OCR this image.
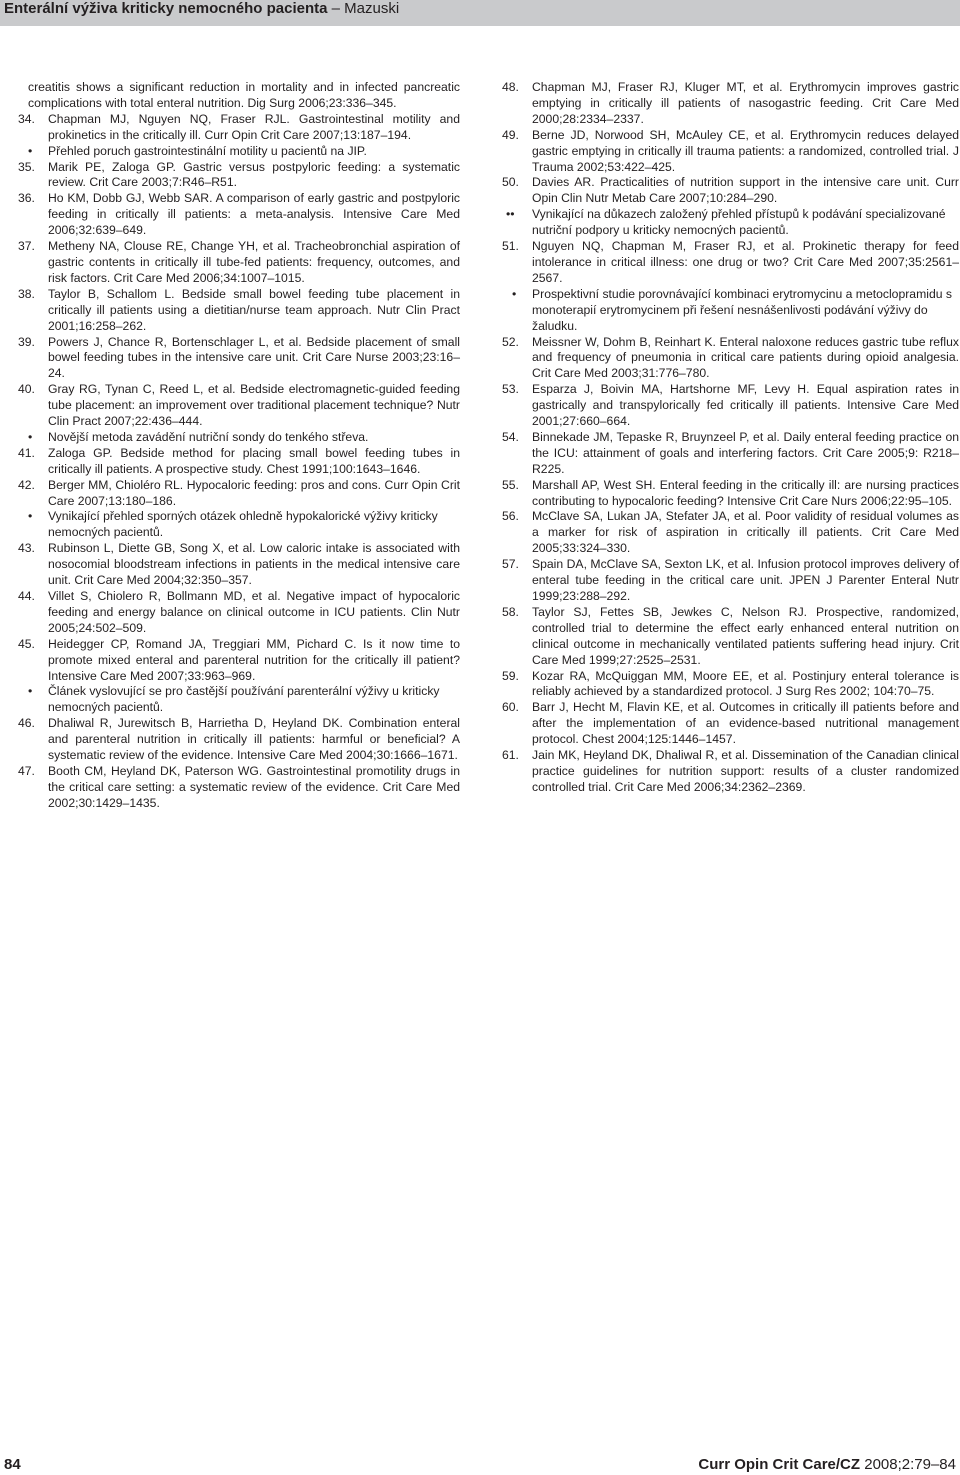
Enterální výživa kriticky nemocného pacienta – Mazuski
creatitis shows a significant reduction in mortality and in infected pancreatic complications with total enteral nutrition. Dig Surg 2006;23:336–345.
34.	Chapman MJ, Nguyen NQ, Fraser RJL. Gastrointestinal motility and prokinetics in the critically ill. Curr Opin Crit Care 2007;13:187–194.
•	Přehled poruch gastrointestinální motility u pacientů na JIP.
35.	Marik PE, Zaloga GP. Gastric versus postpyloric feeding: a systematic review. Crit Care 2003;7:R46–R51.
36.	Ho KM, Dobb GJ, Webb SAR. A comparison of early gastric and postpyloric feeding in critically ill patients: a meta-analysis. Intensive Care Med 2006;32:639–649.
37.	Metheny NA, Clouse RE, Change YH, et al. Tracheobronchial aspiration of gastric contents in critically ill tube-fed patients: frequency, outcomes, and risk factors. Crit Care Med 2006;34:1007–1015.
38.	Taylor B, Schallom L. Bedside small bowel feeding tube placement in critically ill patients using a dietitian/nurse team approach. Nutr Clin Pract 2001;16:258–262.
39.	Powers J, Chance R, Bortenschlager L, et al. Bedside placement of small bowel feeding tubes in the intensive care unit. Crit Care Nurse 2003;23:16–24.
40.	Gray RG, Tynan C, Reed L, et al. Bedside electromagnetic-guided feeding tube placement: an improvement over traditional placement technique? Nutr Clin Pract 2007;22:436–444.
•	Novější metoda zavádění nutriční sondy do tenkého střeva.
41.	Zaloga GP. Bedside method for placing small bowel feeding tubes in critically ill patients. A prospective study. Chest 1991;100:1643–1646.
42.	Berger MM, Chioléro RL. Hypocaloric feeding: pros and cons. Curr Opin Crit Care 2007;13:180–186.
•	Vynikající přehled sporných otázek ohledně hypokalorické výživy kriticky nemocných pacientů.
43.	Rubinson L, Diette GB, Song X, et al. Low caloric intake is associated with nosocomial bloodstream infections in patients in the medical intensive care unit. Crit Care Med 2004;32:350–357.
44.	Villet S, Chiolero R, Bollmann MD, et al. Negative impact of hypocaloric feeding and energy balance on clinical outcome in ICU patients. Clin Nutr 2005;24:502–509.
45.	Heidegger CP, Romand JA, Treggiari MM, Pichard C. Is it now time to promote mixed enteral and parenteral nutrition for the critically ill patient? Intensive Care Med 2007;33:963–969.
•	Článek vyslovující se pro častější používání parenterální výživy u kriticky nemocných pacientů.
46.	Dhaliwal R, Jurewitsch B, Harrietha D, Heyland DK. Combination enteral and parenteral nutrition in critically ill patients: harmful or beneficial? A systematic review of the evidence. Intensive Care Med 2004;30:1666–1671.
47.	Booth CM, Heyland DK, Paterson WG. Gastrointestinal promotility drugs in the critical care setting: a systematic review of the evidence. Crit Care Med 2002;30:1429–1435.
48.	Chapman MJ, Fraser RJ, Kluger MT, et al. Erythromycin improves gastric emptying in critically ill patients of nasogastric feeding. Crit Care Med 2000;28:2334–2337.
49.	Berne JD, Norwood SH, McAuley CE, et al. Erythromycin reduces delayed gastric emptying in critically ill trauma patients: a randomized, controlled trial. J Trauma 2002;53:422–425.
50.	Davies AR. Practicalities of nutrition support in the intensive care unit. Curr Opin Clin Nutr Metab Care 2007;10:284–290.
••	Vynikající na důkazech založený přehled přístupů k podávání specializované nutriční podpory u kriticky nemocných pacientů.
51.	Nguyen NQ, Chapman M, Fraser RJ, et al. Prokinetic therapy for feed intolerance in critical illness: one drug or two? Crit Care Med 2007;35:2561–2567.
•	Prospektivní studie porovnávající kombinaci erytromycinu a metoclopramidu s monoterapií erytromycinem při řešení nesnášenlivosti podávání výživy do žaludku.
52.	Meissner W, Dohm B, Reinhart K. Enteral naloxone reduces gastric tube reflux and frequency of pneumonia in critical care patients during opioid analgesia. Crit Care Med 2003;31:776–780.
53.	Esparza J, Boivin MA, Hartshorne MF, Levy H. Equal aspiration rates in gastrically and transpylorically fed critically ill patients. Intensive Care Med 2001;27:660–664.
54.	Binnekade JM, Tepaske R, Bruynzeel P, et al. Daily enteral feeding practice on the ICU: attainment of goals and interfering factors. Crit Care 2005;9: R218–R225.
55.	Marshall AP, West SH. Enteral feeding in the critically ill: are nursing practices contributing to hypocaloric feeding? Intensive Crit Care Nurs 2006;22:95–105.
56.	McClave SA, Lukan JA, Stefater JA, et al. Poor validity of residual volumes as a marker for risk of aspiration in critically ill patients. Crit Care Med 2005;33:324–330.
57.	Spain DA, McClave SA, Sexton LK, et al. Infusion protocol improves delivery of enteral tube feeding in the critical care unit. JPEN J Parenter Enteral Nutr 1999;23:288–292.
58.	Taylor SJ, Fettes SB, Jewkes C, Nelson RJ. Prospective, randomized, controlled trial to determine the effect early enhanced enteral nutrition on clinical outcome in mechanically ventilated patients suffering head injury. Crit Care Med 1999;27:2525–2531.
59.	Kozar RA, McQuiggan MM, Moore EE, et al. Postinjury enteral tolerance is reliably achieved by a standardized protocol. J Surg Res 2002; 104:70–75.
60.	Barr J, Hecht M, Flavin KE, et al. Outcomes in critically ill patients before and after the implementation of an evidence-based nutritional management protocol. Chest 2004;125:1446–1457.
61.	Jain MK, Heyland DK, Dhaliwal R, et al. Dissemination of the Canadian clinical practice guidelines for nutrition support: results of a cluster randomized controlled trial. Crit Care Med 2006;34:2362–2369.
84	Curr Opin Crit Care/CZ 2008;2:79–84
